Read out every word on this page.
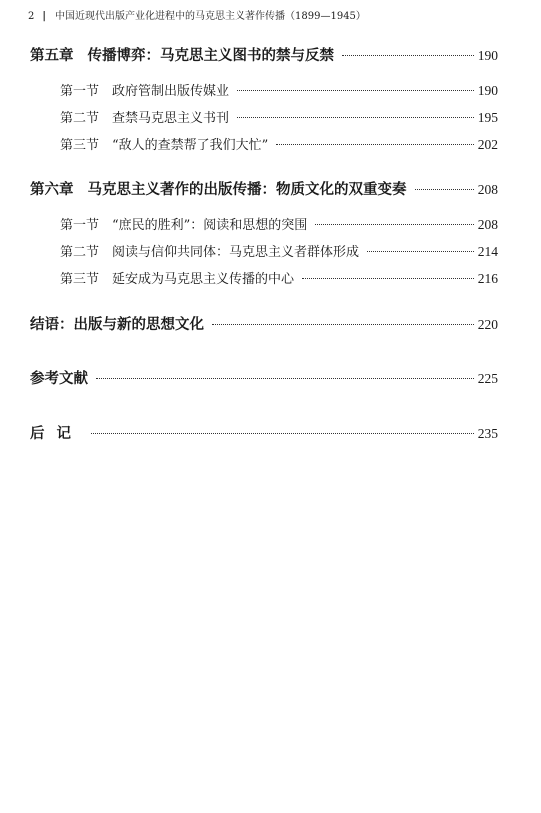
2 | 中国近现代出版产业化进程中的马克思主义著作传播（1899—1945）
第五章 传播博弈：马克思主义图书的禁与反禁	190
第一节 政府管制出版传媒业	190
第二节 查禁马克思主义书刊	195
第三节 “敌人的查禁帮了我们大忙”	202
第六章 马克思主义著作的出版传播：物质文化的双重变奏	208
第一节 “庶民的胜利”：阅读和思想的突围	208
第二节 阅读与信仰共同体：马克思主义者群体形成	214
第三节 延安成为马克思主义传播的中心	216
结语：出版与新的思想文化	220
参考文献	225
后记	235
